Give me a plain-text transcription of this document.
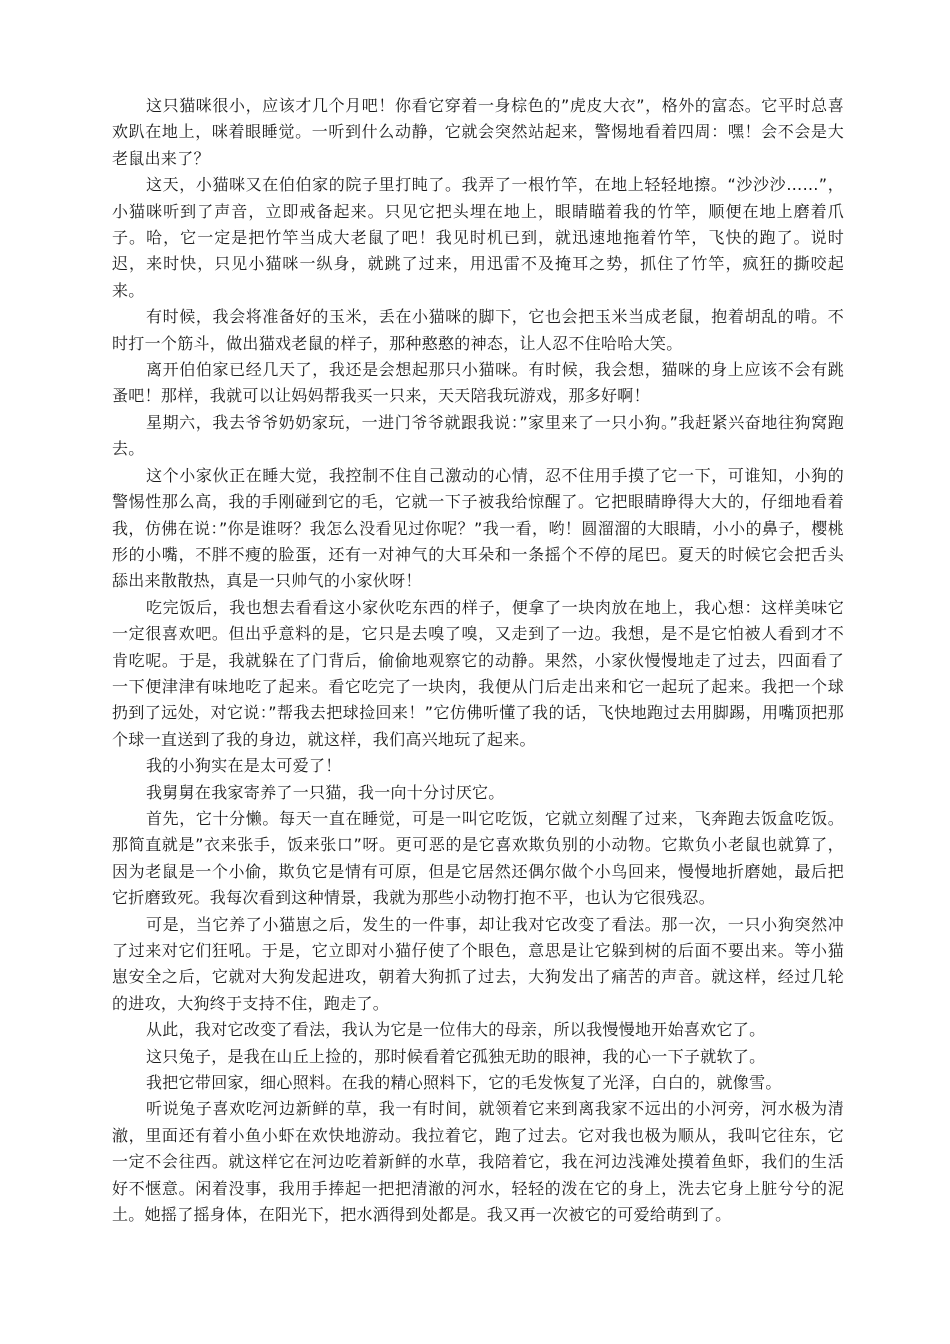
这只猫咪很小，应该才几个月吧！你看它穿着一身棕色的”虎皮大衣”，格外的富态。它平时总喜欢趴在地上，咪着眼睡觉。一听到什么动静，它就会突然站起来，警惕地看着四周：嘿！会不会是大老鼠出来了？

这天，小猫咪又在伯伯家的院子里打盹了。我弄了一根竹竿，在地上轻轻地擦。“沙沙沙……”，小猫咪听到了声音，立即戒备起来。只见它把头埋在地上，眼睛瞄着我的竹竿，顺便在地上磨着爪子。哈，它一定是把竹竿当成大老鼠了吧！我见时机已到，就迅速地拖着竹竿，飞快的跑了。说时迟，来时快，只见小猫咪一纵身，就跳了过来，用迅雷不及掩耳之势，抓住了竹竿，疯狂的撕咬起来。

有时候，我会将准备好的玉米，丢在小猫咪的脚下，它也会把玉米当成老鼠，抱着胡乱的啃。不时打一个筋斗，做出猫戏老鼠的样子，那种憨憨的神态，让人忍不住哈哈大笑。

离开伯伯家已经几天了，我还是会想起那只小猫咪。有时候，我会想，猫咪的身上应该不会有跳蚤吧！那样，我就可以让妈妈帮我买一只来，天天陪我玩游戏，那多好啊！

星期六，我去爷爷奶奶家玩，一进门爷爷就跟我说：”家里来了一只小狗。”我赶紧兴奋地往狗窝跑去。

这个小家伙正在睡大觉，我控制不住自己激动的心情，忍不住用手摸了它一下，可谁知，小狗的警惕性那么高，我的手刚碰到它的毛，它就一下子被我给惊醒了。它把眼睛睁得大大的，仔细地看着我，仿佛在说：”你是谁呀？我怎么没看见过你呢？”我一看，哟！圆溜溜的大眼睛，小小的鼻子，樱桃形的小嘴，不胖不瘦的脸蛋，还有一对神气的大耳朵和一条摇个不停的尾巴。夏天的时候它会把舌头舔出来散散热，真是一只帅气的小家伙呀！

吃完饭后，我也想去看看这小家伙吃东西的样子，便拿了一块肉放在地上，我心想：这样美味它一定很喜欢吧。但出乎意料的是，它只是去嗅了嗅，又走到了一边。我想，是不是它怕被人看到才不肯吃呢。于是，我就躲在了门背后，偷偷地观察它的动静。果然，小家伙慢慢地走了过去，四面看了一下便津津有味地吃了起来。看它吃完了一块肉，我便从门后走出来和它一起玩了起来。我把一个球扔到了远处，对它说：”帮我去把球捡回来！”它仿佛听懂了我的话，飞快地跑过去用脚踢，用嘴顶把那个球一直送到了我的身边，就这样，我们高兴地玩了起来。

我的小狗实在是太可爱了！

我舅舅在我家寄养了一只猫，我一向十分讨厌它。

首先，它十分懒。每天一直在睡觉，可是一叫它吃饭，它就立刻醒了过来，飞奔跑去饭盒吃饭。那简直就是”衣来张手，饭来张口”呀。更可恶的是它喜欢欺负别的小动物。它欺负小老鼠也就算了，因为老鼠是一个小偷，欺负它是情有可原，但是它居然还偶尔做个小鸟回来，慢慢地折磨她，最后把它折磨致死。我每次看到这种情景，我就为那些小动物打抱不平，也认为它很残忍。

可是，当它养了小猫崽之后，发生的一件事，却让我对它改变了看法。那一次，一只小狗突然冲了过来对它们狂吼。于是，它立即对小猫仔使了个眼色，意思是让它躲到树的后面不要出来。等小猫崽安全之后，它就对大狗发起进攻，朝着大狗抓了过去，大狗发出了痛苦的声音。就这样，经过几轮的进攻，大狗终于支持不住，跑走了。

从此，我对它改变了看法，我认为它是一位伟大的母亲，所以我慢慢地开始喜欢它了。

这只兔子，是我在山丘上捡的，那时候看着它孤独无助的眼神，我的心一下子就软了。

我把它带回家，细心照料。在我的精心照料下，它的毛发恢复了光泽，白白的，就像雪。

听说兔子喜欢吃河边新鲜的草，我一有时间，就领着它来到离我家不远出的小河旁，河水极为清澈，里面还有着小鱼小虾在欢快地游动。我拉着它，跑了过去。它对我也极为顺从，我叫它往东，它一定不会往西。就这样它在河边吃着新鲜的水草，我陪着它，我在河边浅滩处摸着鱼虾，我们的生活好不惬意。闲着没事，我用手捧起一把把清澈的河水，轻轻的泼在它的身上，洗去它身上脏兮兮的泥土。她摇了摇身体，在阳光下，把水洒得到处都是。我又再一次被它的可爱给萌到了。
